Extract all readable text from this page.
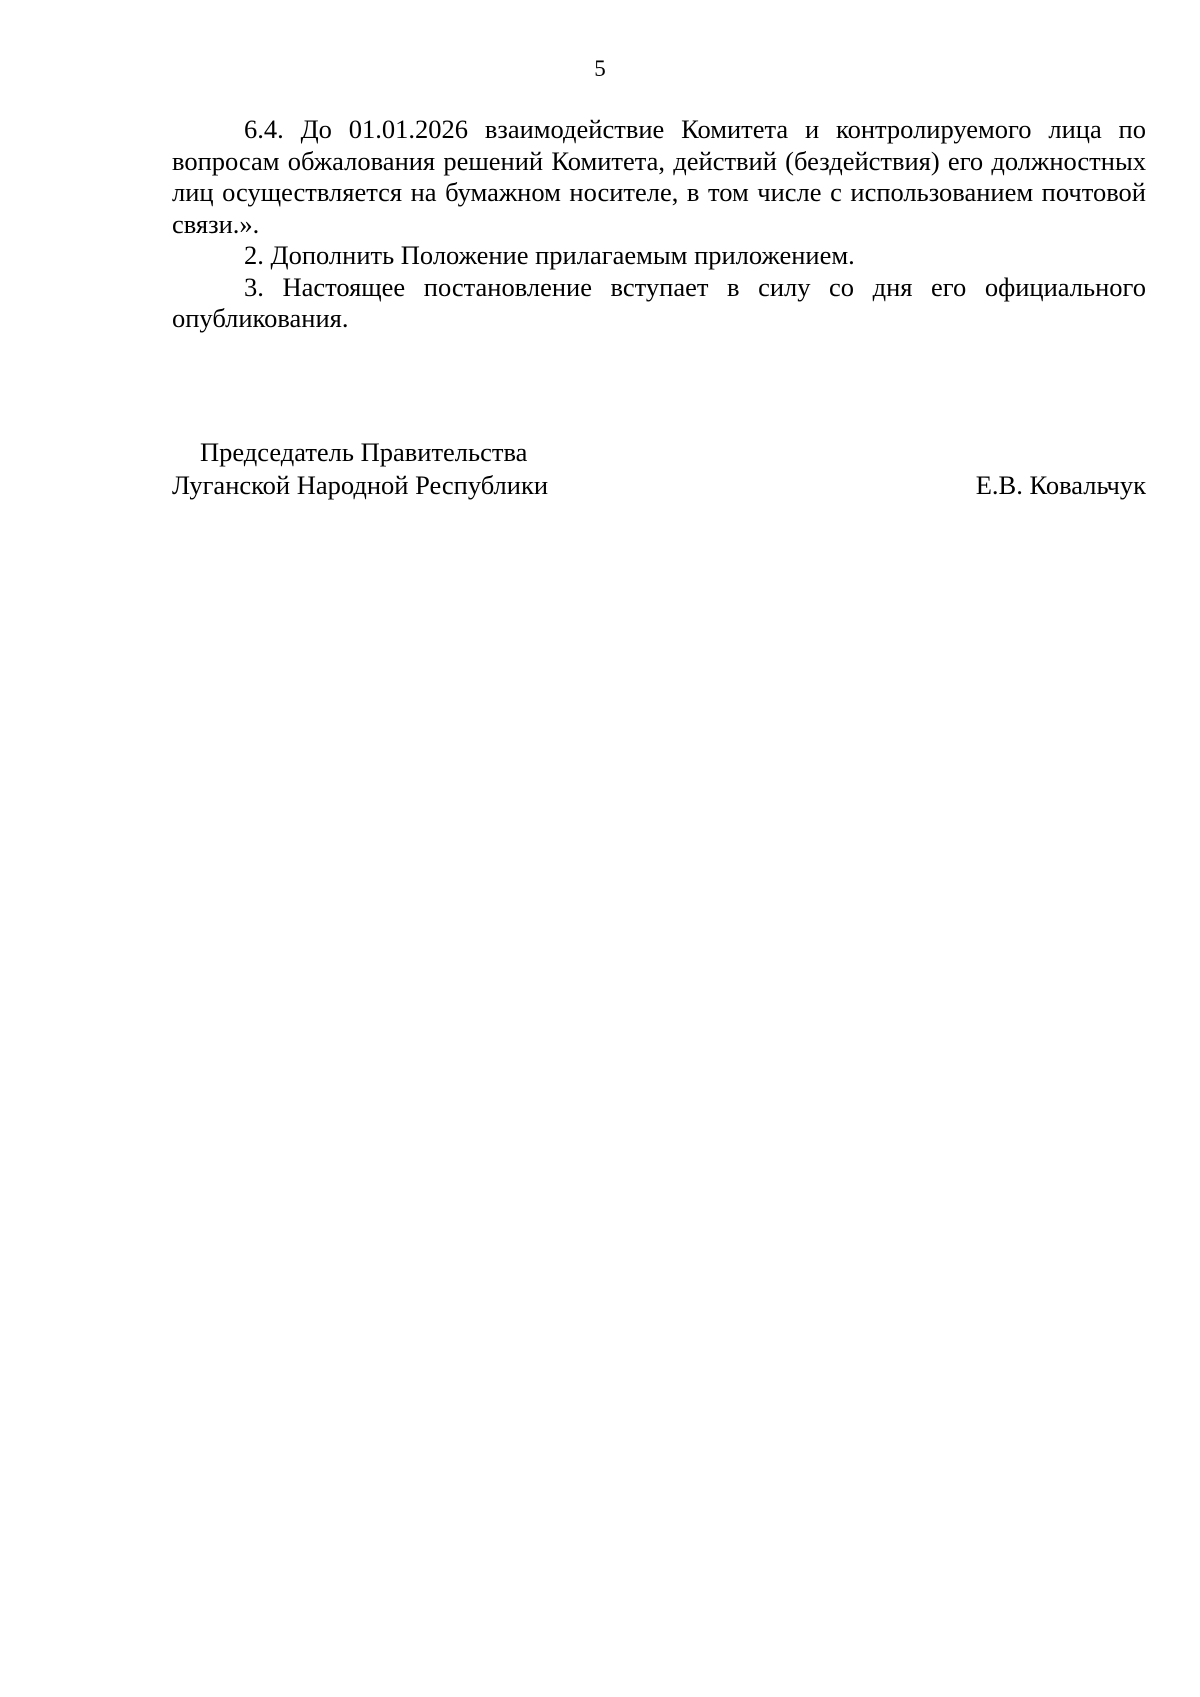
5

6.4. До 01.01.2026 взаимодействие Комитета и контролируемого лица по вопросам обжалования решений Комитета, действий (бездействия) его должностных лиц осуществляется на бумажном носителе, в том числе с использованием почтовой связи.».

2. Дополнить Положение прилагаемым приложением.

3. Настоящее постановление вступает в силу со дня его официального опубликования.

Председатель Правительства
Луганской Народной Республики	Е.В. Ковальчук
